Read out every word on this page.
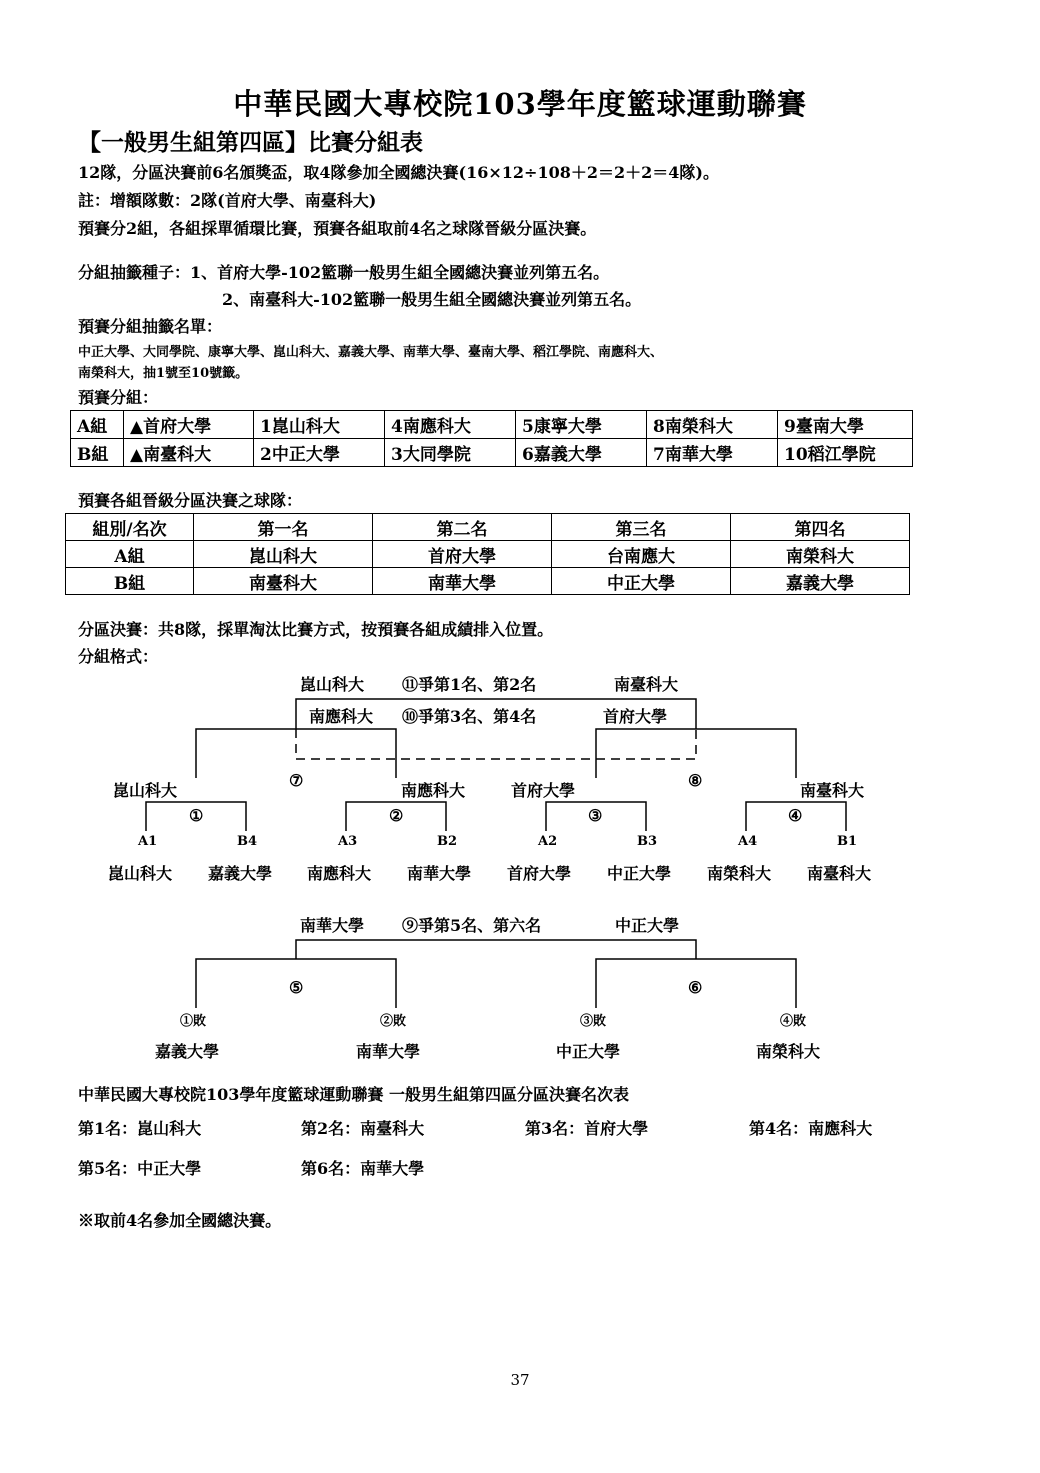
中華民國大專校院103學年度籃球運動聯賽
【一般男生組第四區】比賽分組表
12隊，分區決賽前6名頒獎盃，取4隊參加全國總決賽(16×12÷108＋2＝2＋2＝4隊)。
註：增額隊數：2隊(首府大學、南臺科大)
預賽分2組，各組採單循環比賽，預賽各組取前4名之球隊晉級分區決賽。
分組抽籤種子：1、首府大學-102籃聯一般男生組全國總決賽並列第五名。
2、南臺科大-102籃聯一般男生組全國總決賽並列第五名。
預賽分組抽籤名單：
中正大學、大同學院、康寧大學、崑山科大、嘉義大學、南華大學、臺南大學、稻江學院、南應科大、
南榮科大，抽1號至10號籤。
預賽分組：
A組	▲首府大學	1崑山科大	4南應科大	5康寧大學	8南榮科大	9臺南大學
B組	▲南臺科大	2中正大學	3大同學院	6嘉義大學	7南華大學	10稻江學院
預賽各組晉級分區決賽之球隊：
組別/名次	第一名	第二名	第三名	第四名
A組	崑山科大	首府大學	台南應大	南榮科大
B組	南臺科大	南華大學	中正大學	嘉義大學
分區決賽：共8隊，採單淘汰比賽方式，按預賽各組成績排入位置。
分組格式：
崑山科大 ⑪爭第1名、第2名	南臺科大
南應科大 ⑩爭第3名、第4名	首府大學
⑦	⑧
崑山科大	南應科大	首府大學	南臺科大
①	②	③	④
A1	B4	A3	B2	A2	B3	A4	B1
崑山科大 嘉義大學 南應科大 南華大學 首府大學 中正大學 南榮科大 南臺科大
南華大學 ⑨爭第5名、第六名	中正大學
⑤	⑥
①敗	②敗	③敗	④敗
嘉義大學	南華大學	中正大學	南榮科大
中華民國大專校院103學年度籃球運動聯賽 一般男生組第四區分區決賽名次表
第1名：崑山科大	第2名：南臺科大	第3名：首府大學	第4名：南應科大
第5名：中正大學	第6名：南華大學
※取前4名參加全國總決賽。
37
